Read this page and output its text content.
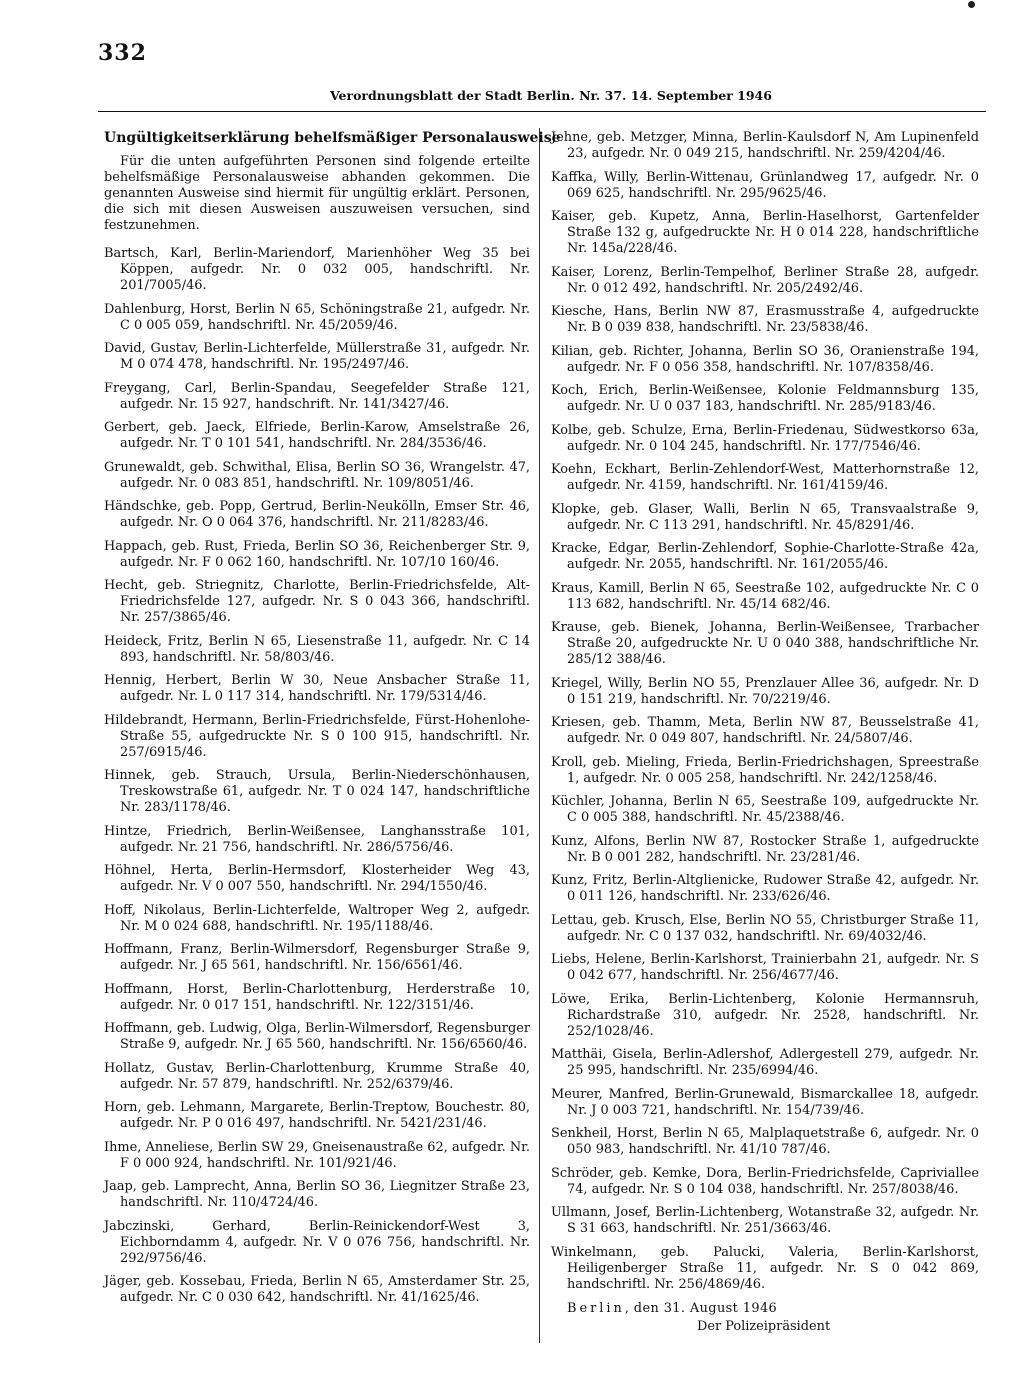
332
Verordnungsblatt der Stadt Berlin. Nr. 37. 14. September 1946
Ungültigkeitserklärung behelfsmäßiger Personalausweise

Für die unten aufgeführten Personen sind folgende erteilte behelfsmäßige Personalausweise abhanden gekommen. Die genannten Ausweise sind hiermit für ungültig erklärt. Personen, die sich mit diesen Ausweisen auszuweisen versuchen, sind festzunehmen.

Bartsch, Karl, Berlin-Mariendorf, Marienhöher Weg 35 bei Köppen, aufgedr. Nr. 0 032 005, handschriftl. Nr. 201/7005/46.

Dahlenburg, Horst, Berlin N 65, Schöningstraße 21, aufgedr. Nr. C 0 005 059, handschriftl. Nr. 45/2059/46.

David, Gustav, Berlin-Lichterfelde, Müllerstraße 31, aufgedr. Nr. M 0 074 478, handschriftl. Nr. 195/2497/46.

Freygang, Carl, Berlin-Spandau, Seegefelder Straße 121, aufgedr. Nr. 15 927, handschrift. Nr. 141/3427/46.

Gerbert, geb. Jaeck, Elfriede, Berlin-Karow, Amselstraße 26, aufgedr. Nr. T 0 101 541, handschriftl. Nr. 284/3536/46.

Grunewaldt, geb. Schwithal, Elisa, Berlin SO 36, Wrangelstr. 47, aufgedr. Nr. 0 083 851, handschriftl. Nr. 109/8051/46.

Händschke, geb. Popp, Gertrud, Berlin-Neukölln, Emser Str. 46, aufgedr. Nr. O 0 064 376, handschriftl. Nr. 211/8283/46.

Happach, geb. Rust, Frieda, Berlin SO 36, Reichenberger Str. 9, aufgedr. Nr. F 0 062 160, handschriftl. Nr. 107/10 160/46.

Hecht, geb. Striegnitz, Charlotte, Berlin-Friedrichsfelde, Alt-Friedrichsfelde 127, aufgedr. Nr. S 0 043 366, handschriftl. Nr. 257/3865/46.

Heideck, Fritz, Berlin N 65, Liesenstraße 11, aufgedr. Nr. C 14 893, handschriftl. Nr. 58/803/46.

Hennig, Herbert, Berlin W 30, Neue Ansbacher Straße 11, aufgedr. Nr. L 0 117 314, handschriftl. Nr. 179/5314/46.

Hildebrandt, Hermann, Berlin-Friedrichsfelde, Fürst-Hohenlohe-Straße 55, aufgedruckte Nr. S 0 100 915, handschriftl. Nr. 257/6915/46.

Hinnek, geb. Strauch, Ursula, Berlin-Niederschönhausen, Treskowstraße 61, aufgedr. Nr. T 0 024 147, handschriftliche Nr. 283/1178/46.

Hintze, Friedrich, Berlin-Weißensee, Langhansstraße 101, aufgedr. Nr. 21 756, handschriftl. Nr. 286/5756/46.

Höhnel, Herta, Berlin-Hermsdorf, Klosterheider Weg 43, aufgedr. Nr. V 0 007 550, handschriftl. Nr. 294/1550/46.

Hoff, Nikolaus, Berlin-Lichterfelde, Waltroper Weg 2, aufgedr. Nr. M 0 024 688, handschriftl. Nr. 195/1188/46.

Hoffmann, Franz, Berlin-Wilmersdorf, Regensburger Straße 9, aufgedr. Nr. J 65 561, handschriftl. Nr. 156/6561/46.

Hoffmann, Horst, Berlin-Charlottenburg, Herderstraße 10, aufgedr. Nr. 0 017 151, handschriftl. Nr. 122/3151/46.

Hoffmann, geb. Ludwig, Olga, Berlin-Wilmersdorf, Regensburger Straße 9, aufgedr. Nr. J 65 560, handschriftl. Nr. 156/6560/46.

Hollatz, Gustav, Berlin-Charlottenburg, Krumme Straße 40, aufgedr. Nr. 57 879, handschriftl. Nr. 252/6379/46.

Horn, geb. Lehmann, Margarete, Berlin-Treptow, Bouchestr. 80, aufgedr. Nr. P 0 016 497, handschriftl. Nr. 5421/231/46.

Ihme, Anneliese, Berlin SW 29, Gneisenaustraße 62, aufgedr. Nr. F 0 000 924, handschriftl. Nr. 101/921/46.

Jaap, geb. Lamprecht, Anna, Berlin SO 36, Liegnitzer Straße 23, handschriftl. Nr. 110/4724/46.

Jabczinski, Gerhard, Berlin-Reinickendorf-West 3, Eichborndamm 4, aufgedr. Nr. V 0 076 756, handschriftl. Nr. 292/9756/46.

Jäger, geb. Kossebau, Frieda, Berlin N 65, Amsterdamer Str. 25, aufgedr. Nr. C 0 030 642, handschriftl. Nr. 41/1625/46.

Jehne, geb. Metzger, Minna, Berlin-Kaulsdorf N, Am Lupinenfeld 23, aufgedr. Nr. 0 049 215, handschriftl. Nr. 259/4204/46.

Kaffka, Willy, Berlin-Wittenau, Grünlandweg 17, aufgedr. Nr. 0 069 625, handschriftl. Nr. 295/9625/46.

Kaiser, geb. Kupetz, Anna, Berlin-Haselhorst, Gartenfelder Straße 132 g, aufgedruckte Nr. H 0 014 228, handschriftliche Nr. 145a/228/46.

Kaiser, Lorenz, Berlin-Tempelhof, Berliner Straße 28, aufgedr. Nr. 0 012 492, handschriftl. Nr. 205/2492/46.

Kiesche, Hans, Berlin NW 87, Erasmusstraße 4, aufgedruckte Nr. B 0 039 838, handschriftl. Nr. 23/5838/46.

Kilian, geb. Richter, Johanna, Berlin SO 36, Oranienstraße 194, aufgedr. Nr. F 0 056 358, handschriftl. Nr. 107/8358/46.

Koch, Erich, Berlin-Weißensee, Kolonie Feldmannsburg 135, aufgedr. Nr. U 0 037 183, handschriftl. Nr. 285/9183/46.

Kolbe, geb. Schulze, Erna, Berlin-Friedenau, Südwestkorso 63a, aufgedr. Nr. 0 104 245, handschriftl. Nr. 177/7546/46.

Koehn, Eckhart, Berlin-Zehlendorf-West, Matterhornstraße 12, aufgedr. Nr. 4159, handschriftl. Nr. 161/4159/46.

Klopke, geb. Glaser, Walli, Berlin N 65, Transvaalstraße 9, aufgedr. Nr. C 113 291, handschriftl. Nr. 45/8291/46.

Kracke, Edgar, Berlin-Zehlendorf, Sophie-Charlotte-Straße 42a, aufgedr. Nr. 2055, handschriftl. Nr. 161/2055/46.

Kraus, Kamill, Berlin N 65, Seestraße 102, aufgedruckte Nr. C 0 113 682, handschriftl. Nr. 45/14 682/46.

Krause, geb. Bienek, Johanna, Berlin-Weißensee, Trarbacher Straße 20, aufgedruckte Nr. U 0 040 388, handschriftliche Nr. 285/12 388/46.

Kriegel, Willy, Berlin NO 55, Prenzlauer Allee 36, aufgedr. Nr. D 0 151 219, handschriftl. Nr. 70/2219/46.

Kriesen, geb. Thamm, Meta, Berlin NW 87, Beusselstraße 41, aufgedr. Nr. 0 049 807, handschriftl. Nr. 24/5807/46.

Kroll, geb. Mieling, Frieda, Berlin-Friedrichshagen, Spreestraße 1, aufgedr. Nr. 0 005 258, handschriftl. Nr. 242/1258/46.

Küchler, Johanna, Berlin N 65, Seestraße 109, aufgedruckte Nr. C 0 005 388, handschriftl. Nr. 45/2388/46.

Kunz, Alfons, Berlin NW 87, Rostocker Straße 1, aufgedruckte Nr. B 0 001 282, handschriftl. Nr. 23/281/46.

Kunz, Fritz, Berlin-Altglienicke, Rudower Straße 42, aufgedr. Nr. 0 011 126, handschriftl. Nr. 233/626/46.

Lettau, geb. Krusch, Else, Berlin NO 55, Christburger Straße 11, aufgedr. Nr. C 0 137 032, handschriftl. Nr. 69/4032/46.

Liebs, Helene, Berlin-Karlshorst, Trainierbahn 21, aufgedr. Nr. S 0 042 677, handschriftl. Nr. 256/4677/46.

Löwe, Erika, Berlin-Lichtenberg, Kolonie Hermannsruh, Richardstraße 310, aufgedr. Nr. 2528, handschriftl. Nr. 252/1028/46.

Matthäi, Gisela, Berlin-Adlershof, Adlergestell 279, aufgedr. Nr. 25 995, handschriftl. Nr. 235/6994/46.

Meurer, Manfred, Berlin-Grunewald, Bismarckallee 18, aufgedr. Nr. J 0 003 721, handschriftl. Nr. 154/739/46.

Senkheil, Horst, Berlin N 65, Malplaquetstraße 6, aufgedr. Nr. 0 050 983, handschriftl. Nr. 41/10 787/46.

Schröder, geb. Kemke, Dora, Berlin-Friedrichsfelde, Capriviallee 74, aufgedr. Nr. S 0 104 038, handschriftl. Nr. 257/8038/46.

Ullmann, Josef, Berlin-Lichtenberg, Wotanstraße 32, aufgedr. Nr. S 31 663, handschriftl. Nr. 251/3663/46.

Winkelmann, geb. Palucki, Valeria, Berlin-Karlshorst, Heiligenberger Straße 11, aufgedr. Nr. S 0 042 869, handschriftl. Nr. 256/4869/46.

Berlin, den 31. August 1946

Der Polizeipräsident
